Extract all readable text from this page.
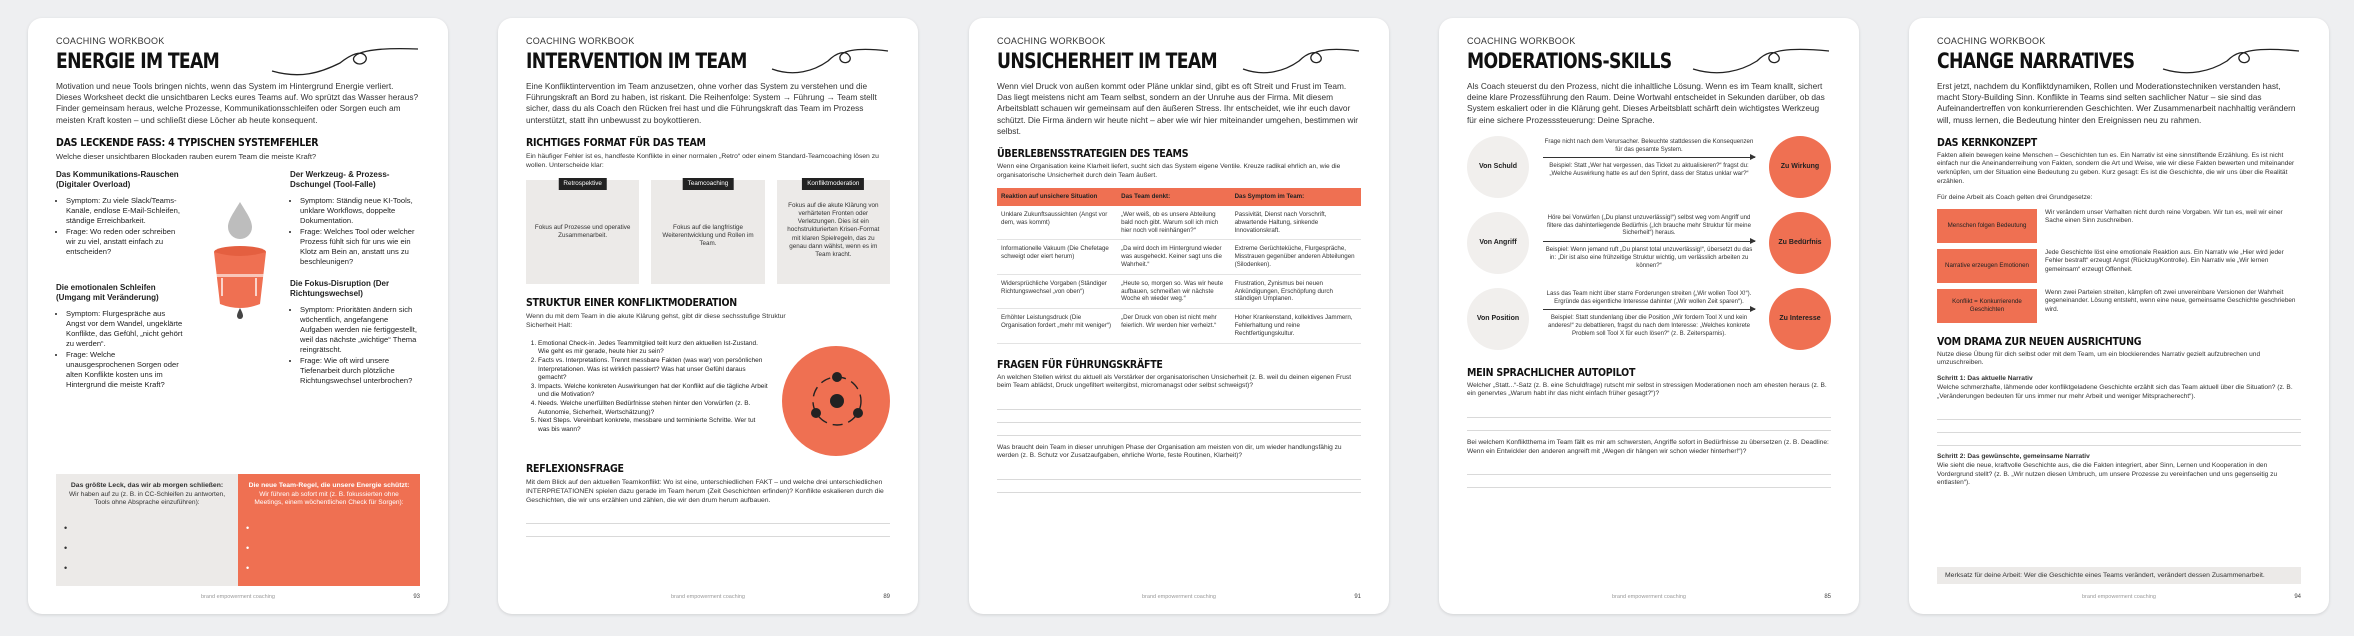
COACHING WORKBOOK
ENERGIE IM TEAM
Motivation und neue Tools bringen nichts, wenn das System im Hintergrund Energie verliert. Dieses Worksheet deckt die unsichtbaren Lecks eures Teams auf. Wo sprützt das Wasser heraus? Finder gemeinsam heraus, welche Prozesse, Kommunikationsschleifen oder Sorgen euch am meisten Kraft kosten – und schließt diese Löcher ab heute konsequent.
DAS LECKENDE FASS: 4 TYPISCHEN SYSTEMFEHLER
Welche dieser unsichtbaren Blockaden rauben eurem Team die meiste Kraft?
Das Kommunikations-Rauschen (Digitaler Overload)
• Symptom: Zu viele Slack/Teams-Kanäle, endlose E-Mail-Schleifen, ständige Erreichbarkeit.
• Frage: Wo reden oder schreiben wir zu viel, anstatt einfach zu entscheiden?
Die emotionalen Schleifen (Umgang mit Veränderung)
• Symptom: Flurgespräche aus Angst vor dem Wandel, ungeklärte Konflikte, das Gefühl, „nicht gehört zu werden“.
• Frage: Welche unausgesprochenen Sorgen oder alten Konflikte kosten uns im Hintergrund die meiste Kraft?
Der Werkzeug- & Prozess-Dschungel (Tool-Falle)
• Symptom: Ständig neue KI-Tools, unklare Workflows, doppelte Dokumentation.
• Frage: Welches Tool oder welcher Prozess fühlt sich für uns wie ein Klotz am Bein an, anstatt uns zu beschleunigen?
Die Fokus-Disruption (Der Richtungswechsel)
• Symptom: Prioritäten ändern sich wöchentlich, angefangene Aufgaben werden nie fertiggestellt, weil das nächste „wichtige“ Thema reingrätscht.
• Frage: Wie oft wird unsere Tiefenarbeit durch plötzliche Richtungswechsel unterbrochen?
Das größte Leck, das wir ab morgen schließen:
Wir haben auf zu (z. B. in CC-Schleifen zu antworten, Tools ohne Absprache einzuführen):
•
•
•
Die neue Team-Regel, die unsere Energie schützt:
Wir führen ab sofort mit (z. B. fokussierten ohne Meetings, einem wöchentlichen Check für Sorgen):
•
•
•
brand empowerment coaching	93
COACHING WORKBOOK
INTERVENTION IM TEAM
Eine Konfliktintervention im Team anzusetzen, ohne vorher das System zu verstehen und die Führungskraft an Bord zu haben, ist riskant. Die Reihenfolge: System → Führung → Team stellt sicher, dass du als Coach den Rücken frei hast und die Führungskraft das Team im Prozess unterstützt, statt ihn unbewusst zu boykottieren.
RICHTIGES FORMAT FÜR DAS TEAM
Ein häufiger Fehler ist es, handfeste Konflikte in einer normalen „Retro“ oder einem Standard-Teamcoaching lösen zu wollen. Unterscheide klar:
Retrospektive

Fokus auf Prozesse und operative Zusammenarbeit.

Teamcoaching

Fokus auf die langfristige Weiterentwicklung und Rollen im Team.

Konfliktmoderation

Fokus auf die akute Klärung von verhärteten Fronten oder Verletzungen. Dies ist ein hochstrukturierten Krisen-Format mit klaren Spielregeln, das zu genau dann wählst, wenn es im Team kracht.

STRUKTUR EINER KONFLIKTMODERATION
Wenn du mit dem Team in die akute Klärung gehst, gibt dir diese sechsstufige Struktur Sicherheit Halt:
1. Emotional Check-in. Jedes Teammitglied teilt kurz den aktuellen Ist-Zustand. Wie geht es mir gerade, heute hier zu sein?
2. Facts vs. Interpretations. Trennt messbare Fakten (was war) von persönlichen Interpretationen. Was ist wirklich passiert? Was hat unser Gefühl daraus gemacht?
3. Impacts. Welche konkreten Auswirkungen hat der Konflikt auf die tägliche Arbeit und die Motivation?
4. Needs. Welche unerfüllten Bedürfnisse stehen hinter den Vorwürfen (z. B. Autonomie, Sicherheit, Wertschätzung)?
5. Next Steps. Vereinbart konkrete, messbare und terminierte Schritte. Wer tut was bis wann?
REFLEXIONSFRAGE
Mit dem Blick auf den aktuellen Teamkonflikt: Wo ist eine, unterschiedlichen FAKT – und welche drei unterschiedlichen INTERPRETATIONEN spielen dazu gerade im Team herum (Zeit Geschichten erfinden)? Konflikte eskalieren durch die Geschichten, die wir uns erzählen und zählen, die wir den drum herum aufbauen.
brand empowerment coaching	89
COACHING WORKBOOK
UNSICHERHEIT IM TEAM
Wenn viel Druck von außen kommt oder Pläne unklar sind, gibt es oft Streit und Frust im Team. Das liegt meistens nicht am Team selbst, sondern an der Unruhe aus der Firma. Mit diesem Arbeitsblatt schauen wir gemeinsam auf den äußeren Stress. Ihr entscheidet, wie ihr euch davor schützt. Die Firma ändern wir heute nicht – aber wie wir hier miteinander umgehen, bestimmen wir selbst.
ÜBERLEBENSSTRATEGIEN DES TEAMS
Wenn eine Organisation keine Klarheit liefert, sucht sich das System eigene Ventile. Kreuze radikal ehrlich an, wie die organisatorische Unsicherheit durch dein Team äußert.
Reaktion auf unsichere Situation	Das Team denkt:	Das Symptom im Team:
Unklare Zukunftsaussichten (Angst vor dem, was kommt)	„Wer weiß, ob es unsere Abteilung bald noch gibt. Warum soll ich mich hier noch voll reinhängen?“	Passivität, Dienst nach Vorschrift, abwartende Haltung, sinkende Innovationskraft.
Informationelle Vakuum (Die Chefetage schweigt oder eiert herum)	„Da wird doch im Hintergrund wieder was ausgeheckt. Keiner sagt uns die Wahrheit.“	Extreme Gerüchteküche, Flurgespräche, Misstrauen gegenüber anderen Abteilungen (Silodenken).
Widersprüchliche Vorgaben (Ständiger Richtungswechsel „von oben“)	„Heute so, morgen so. Was wir heute aufbauen, schmeißen wir nächste Woche eh wieder weg.“	Frustration, Zynismus bei neuen Ankündigungen, Erschöpfung durch ständigen Umplanen.
Erhöhter Leistungsdruck (Die Organisation fordert „mehr mit weniger“)	„Der Druck von oben ist nicht mehr feierlich. Wir werden hier verheizt.“	Hoher Krankenstand, kollektives Jammern, Fehlerhaltung und reine Rechtfertigungskultur.
FRAGEN FÜR FÜHRUNGSKRÄFTE
An welchen Stellen wirkst du aktuell als Verstärker der organisatorischen Unsicherheit (z. B. weil du deinen eigenen Frust beim Team ablädst, Druck ungefiltert weitergibst, micromanagst oder selbst schweigst)?
Was braucht dein Team in dieser unruhigen Phase der Organisation am meisten von dir, um wieder handlungsfähig zu werden (z. B. Schutz vor Zusatzaufgaben, ehrliche Worte, feste Routinen, Klarheit)?
brand empowerment coaching	91
COACHING WORKBOOK
MODERATIONS-SKILLS
Als Coach steuerst du den Prozess, nicht die inhaltliche Lösung. Wenn es im Team knallt, sichert deine klare Prozessführung den Raum. Deine Wortwahl entscheidet in Sekunden darüber, ob das System eskaliert oder in die Klärung geht. Dieses Arbeitsblatt schärft dein wichtigstes Werkzeug für eine sichere Prozesssteuerung: Deine Sprache.
Von Schuld
Frage nicht nach dem Verursacher. Beleuchte stattdessen die Konsequenzen für das gesamte System.
Beispiel: Statt „Wer hat vergessen, das Ticket zu aktualisieren?“ fragst du: „Welche Auswirkung hatte es auf den Sprint, dass der Status unklar war?“
Zu Wirkung
Von Angriff
Höre bei Vorwürfen („Du planst unzuverlässig!“) selbst weg vom Angriff und filtere das dahinterliegende Bedürfnis („Ich brauche mehr Struktur für meine Sicherheit“) heraus.
Beispiel: Wenn jemand ruft „Du planst total unzuverlässig!“, übersetzt du das in: „Dir ist also eine frühzeitige Struktur wichtig, um verlässlich arbeiten zu können?“
Zu Bedürfnis
Von Position
Lass das Team nicht über starre Forderungen streiten („Wir wollen Tool X!“). Ergründe das eigentliche Interesse dahinter („Wir wollen Zeit sparen“).
Beispiel: Statt stundenlang über die Position „Wir fordern Tool X und kein anderes!“ zu debattieren, fragst du nach dem Interesse: „Welches konkrete Problem soll Tool X für euch lösen?“ (z. B. Zeitersparnis).
Zu Interesse
MEIN SPRACHLICHER AUTOPILOT
Welcher „Statt...“-Satz (z. B. eine Schuldfrage) rutscht mir selbst in stressigen Moderationen noch am ehesten heraus (z. B. ein genervtes „Warum habt ihr das nicht einfach früher gesagt?“)?
Bei welchem Konfliktthema im Team fällt es mir am schwersten, Angriffe sofort in Bedürfnisse zu übersetzen (z. B. Deadline: Wenn ein Entwickler den anderen angreift mit „Wegen dir hängen wir schon wieder hinterher!“)?
brand empowerment coaching	85
COACHING WORKBOOK
CHANGE NARRATIVES
Erst jetzt, nachdem du Konfliktdynamiken, Rollen und Moderationstechniken verstanden hast, macht Story-Building Sinn. Konflikte in Teams sind selten sachlicher Natur – sie sind das Aufeinandertreffen von konkurrierenden Geschichten. Wer Zusammenarbeit nachhaltig verändern will, muss lernen, die Bedeutung hinter den Ereignissen neu zu rahmen.
DAS KERNKONZEPT
Fakten allein bewegen keine Menschen – Geschichten tun es. Ein Narrativ ist eine sinnstiftende Erzählung. Es ist nicht einfach nur die Aneinanderreihung von Fakten, sondern die Art und Weise, wie wir diese Fakten bewerten und miteinander verknüpfen, um der Situation eine Bedeutung zu geben. Kurz gesagt: Es ist die Geschichte, die wir uns über die Realität erzählen.
Für deine Arbeit als Coach gelten drei Grundgesetze:
Menschen folgen Bedeutung
Wir verändern unser Verhalten nicht durch reine Vorgaben. Wir tun es, weil wir einer Sache einen Sinn zuschreiben.
Narrative erzeugen Emotionen
Jede Geschichte löst eine emotionale Reaktion aus. Ein Narrativ wie „Hier wird jeder Fehler bestraft“ erzeugt Angst (Rückzug/Kontrolle). Ein Narrativ wie „Wir lernen gemeinsam“ erzeugt Offenheit.
Konflikt = Konkurrierende Geschichten
Wenn zwei Parteien streiten, kämpfen oft zwei unvereinbare Versionen der Wahrheit gegeneinander. Lösung entsteht, wenn eine neue, gemeinsame Geschichte geschrieben wird.
VOM DRAMA ZUR NEUEN AUSRICHTUNG
Nutze diese Übung für dich selbst oder mit dem Team, um ein blockierendes Narrativ gezielt aufzubrechen und umzuschreiben.
Schritt 1: Das aktuelle Narrativ
Welche schmerzhafte, lähmende oder konfliktgeladene Geschichte erzählt sich das Team aktuell über die Situation? (z. B. „Veränderungen bedeuten für uns immer nur mehr Arbeit und weniger Mitspracherecht“).
Schritt 2: Das gewünschte, gemeinsame Narrativ
Wie sieht die neue, kraftvolle Geschichte aus, die die Fakten integriert, aber Sinn, Lernen und Kooperation in den Vordergrund stellt? (z. B. „Wir nutzen diesen Umbruch, um unsere Prozesse zu vereinfachen und uns gegenseitig zu entlasten“).
Merksatz für deine Arbeit: Wer die Geschichte eines Teams verändert, verändert dessen Zusammenarbeit.
brand empowerment coaching	94
